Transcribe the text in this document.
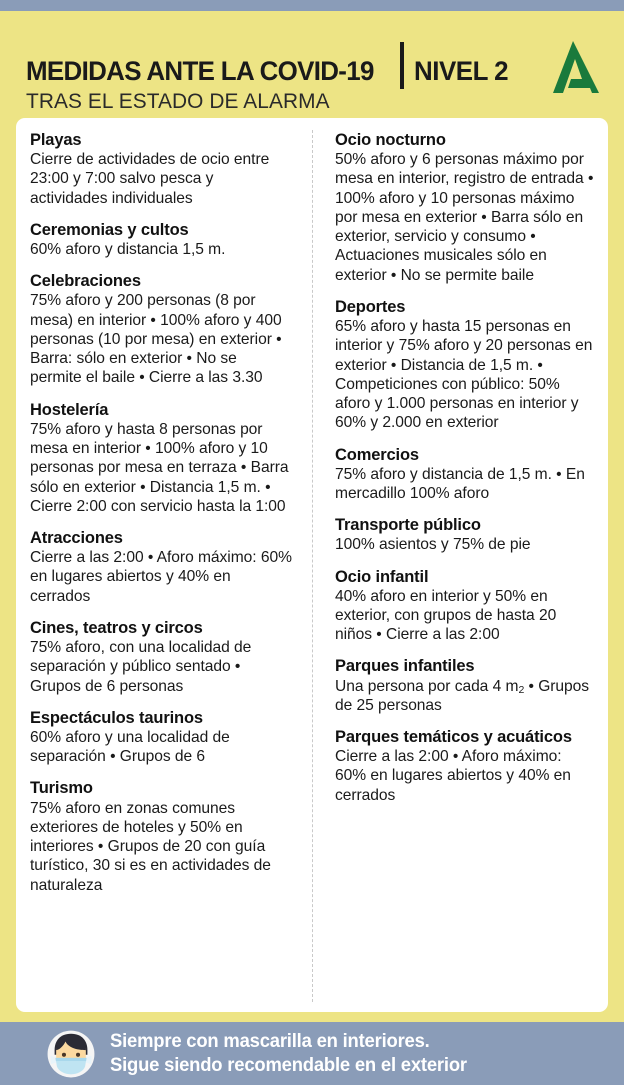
MEDIDAS ANTE LA COVID-19 NIVEL 2
TRAS EL ESTADO DE ALARMA
Playas

Cierre de actividades de ocio entre 23:00 y 7:00 salvo pesca y actividades individuales

Ceremonias y cultos

60% aforo y distancia 1,5 m.

Celebraciones

75% aforo y 200 personas (8 por mesa) en interior • 100% aforo y 400 personas (10 por mesa) en exterior • Barra: sólo en exterior • No se permite el baile • Cierre a las 3.30

Hostelería

75% aforo y hasta 8 personas por mesa en interior • 100% aforo y 10 personas por mesa en terraza • Barra sólo en exterior • Distancia 1,5 m. • Cierre 2:00 con servicio hasta la 1:00

Atracciones

Cierre a las 2:00 • Aforo máximo: 60% en lugares abiertos y 40% en cerrados

Cines, teatros y circos

75% aforo, con una localidad de separación y público sentado • Grupos de 6 personas

Espectáculos taurinos

60% aforo y una localidad de separación • Grupos de 6

Turismo

75% aforo en zonas comunes exteriores de hoteles y 50% en interiores • Grupos de 20 con guía turístico, 30 si es en actividades de naturaleza

Ocio nocturno

50% aforo y 6 personas máximo por mesa en interior, registro de entrada • 100% aforo y 10 personas máximo por mesa en exterior • Barra sólo en exterior, servicio y consumo • Actuaciones musicales sólo en exterior • No se permite baile

Deportes

65% aforo y hasta 15 personas en interior y 75% aforo y 20 personas en exterior • Distancia de 1,5 m. • Competiciones con público: 50% aforo y 1.000 personas en interior y 60% y 2.000 en exterior

Comercios

75% aforo y distancia de 1,5 m. • En mercadillo 100% aforo

Transporte público

100% asientos y 75% de pie

Ocio infantil

40% aforo en interior y 50% en exterior, con grupos de hasta 20 niños • Cierre a las 2:00

Parques infantiles

Una persona por cada 4 $m_2$ • Grupos de 25 personas

Parques temáticos y acuáticos

Cierre a las 2:00 • Aforo máximo: 60% en lugares abiertos y 40% en cerrados

Siempre con mascarilla en interiores.
Sigue siendo recomendable en el exterior
